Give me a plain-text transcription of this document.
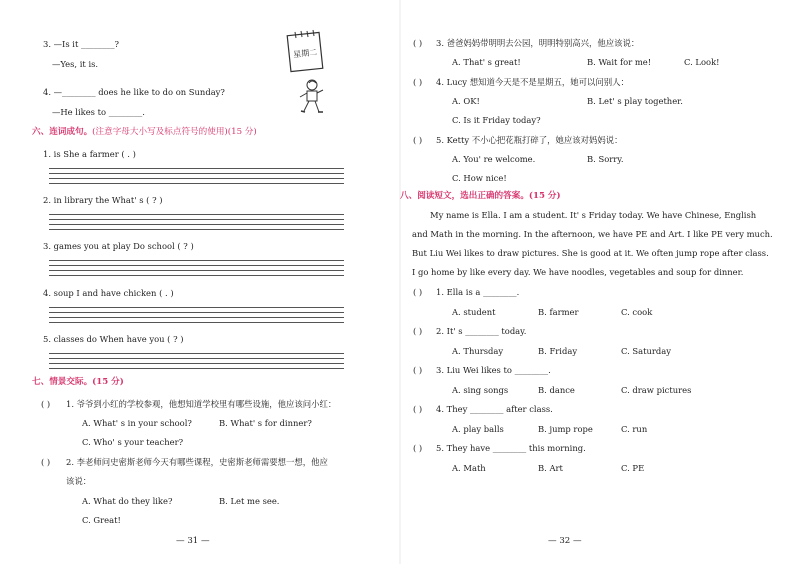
3. —Is it ________?
—Yes, it is.
4. —________ does he like to do on Sunday?
—He likes to ________.
星期二
六、连词成句。(注意字母大小写及标点符号的使用)(15 分)
1. is She a farmer ( . )
2. in library the What' s ( ? )
3. games you at play Do school ( ? )
4. soup I and have chicken ( . )
5. classes do When have you ( ? )
七、情景交际。(15 分)
( ) 1. 爷爷到小红的学校参观，他想知道学校里有哪些设施，他应该问小红：
A. What' s in your school?	B. What' s for dinner?
C. Who' s your teacher?
( ) 2. 李老师问史密斯老师今天有哪些课程，史密斯老师需要想一想，他应
该说：
A. What do they like?	B. Let me see.
C. Great!
— 31 —
( ) 3. 爸爸妈妈带明明去公园，明明特别高兴，他应该说：
A. That' s great!	B. Wait for me!	C. Look!
( ) 4. Lucy 想知道今天是不是星期五，她可以问别人：
A. OK!	B. Let' s play together.
C. Is it Friday today?
( ) 5. Ketty 不小心把花瓶打碎了，她应该对妈妈说：
A. You' re welcome.	B. Sorry.
C. How nice!
八、阅读短文，选出正确的答案。(15 分)
My name is Ella. I am a student. It' s Friday today. We have Chinese, English
and Math in the morning. In the afternoon, we have PE and Art. I like PE very much.
But Liu Wei likes to draw pictures. She is good at it. We often jump rope after class.
I go home by like every day. We have noodles, vegetables and soup for dinner.
( ) 1. Ella is a ________.
A. student	B. farmer	C. cook
( ) 2. It' s ________ today.
A. Thursday	B. Friday	C. Saturday
( ) 3. Liu Wei likes to ________.
A. sing songs	B. dance	C. draw pictures
( ) 4. They ________ after class.
A. play balls	B. jump rope	C. run
( ) 5. They have ________ this morning.
A. Math	B. Art	C. PE
— 32 —
